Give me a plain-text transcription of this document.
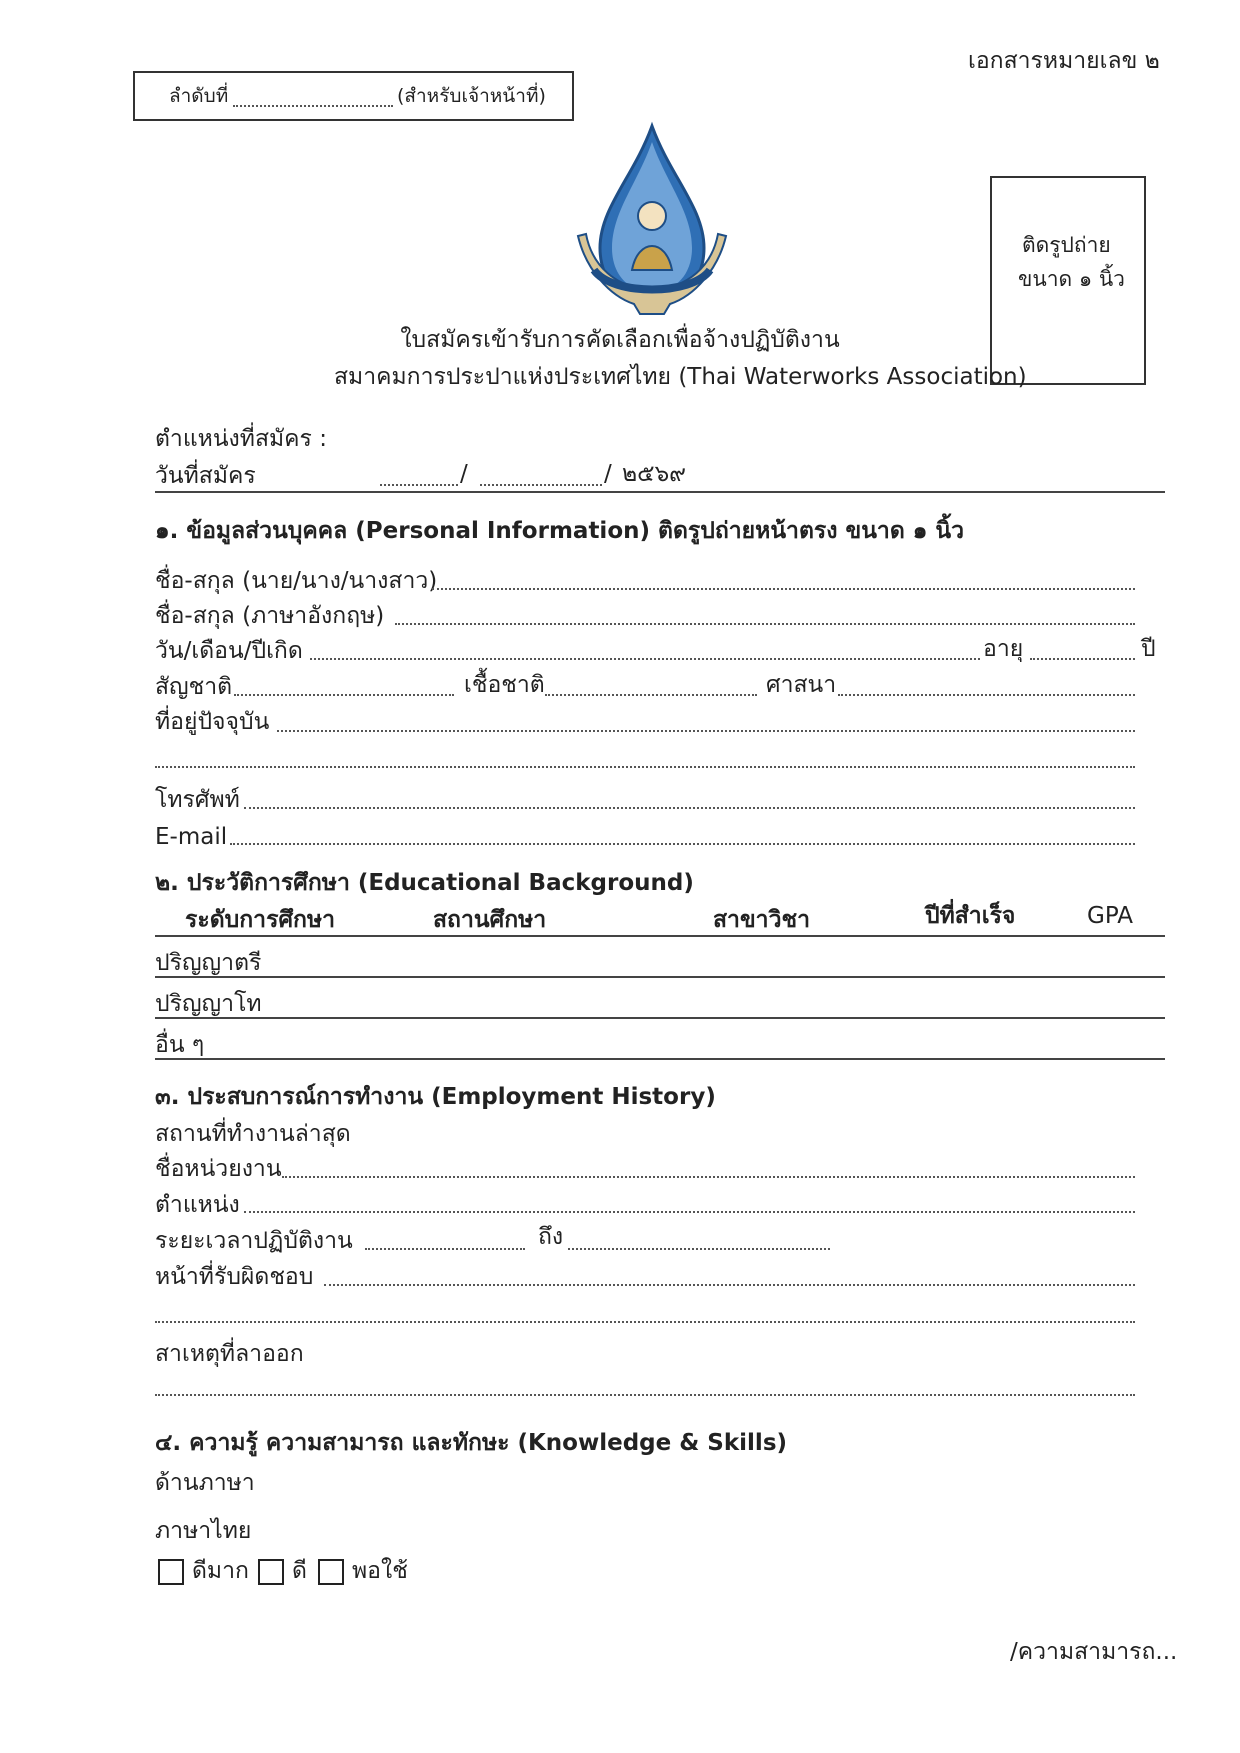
เอกสารหมายเลข ๒
ลำดับที่	(สำหรับเจ้าหน้าที่)
ติดรูปถ่าย
ขนาด ๑ นิ้ว
ใบสมัครเข้ารับการคัดเลือกเพื่อจ้างปฏิบัติงาน
สมาคมการประปาแห่งประเทศไทย (Thai Waterworks Association)
ตำแหน่งที่สมัคร :
วันที่สมัคร	/	/ ๒๕๖๙
๑. ข้อมูลส่วนบุคคล (Personal Information) ติดรูปถ่ายหน้าตรง ขนาด ๑ นิ้ว
ชื่อ-สกุล (นาย/นาง/นางสาว)
ชื่อ-สกุล (ภาษาอังกฤษ)
วัน/เดือน/ปีเกิด	อายุ	ปี
สัญชาติ	เชื้อชาติ	ศาสนา
ที่อยู่ปัจจุบัน
โทรศัพท์
E-mail
๒. ประวัติการศึกษา (Educational Background)
ระดับการศึกษา	สถานศึกษา	สาขาวิชา	ปีที่สำเร็จ	GPA
ปริญญาตรี
ปริญญาโท
อื่น ๆ
๓. ประสบการณ์การทำงาน (Employment History)
สถานที่ทำงานล่าสุด
ชื่อหน่วยงาน
ตำแหน่ง
ระยะเวลาปฏิบัติงาน	ถึง
หน้าที่รับผิดชอบ
สาเหตุที่ลาออก
๔. ความรู้ ความสามารถ และทักษะ (Knowledge & Skills)
ด้านภาษา
ภาษาไทย
ดีมาก ดี พอใช้
/ความสามารถ...
